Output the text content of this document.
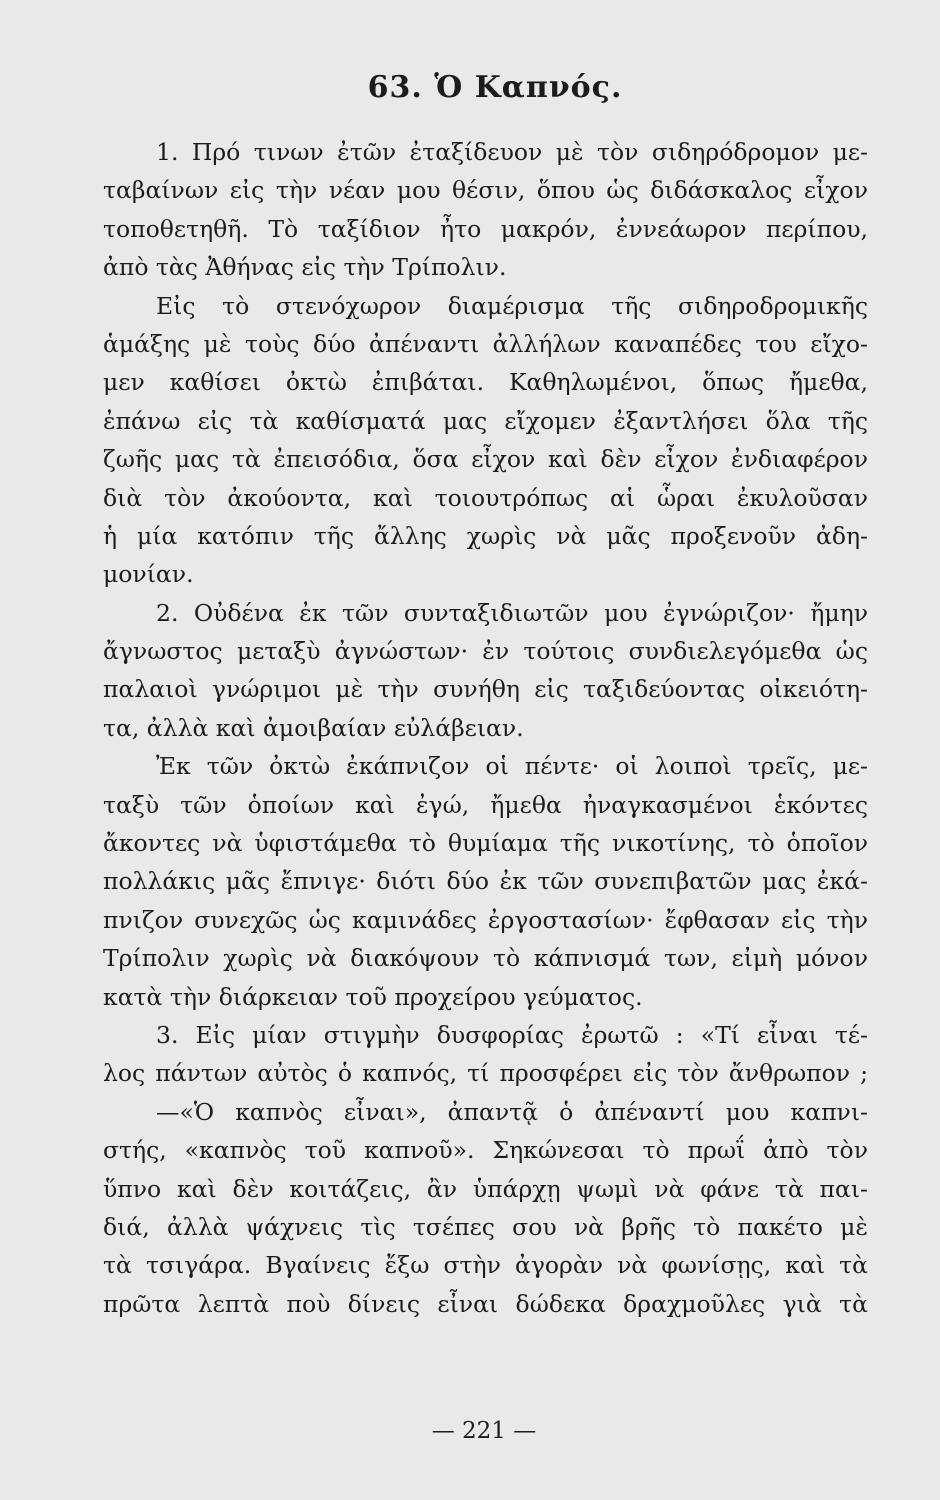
63. Ὁ Καπνός.
1. Πρό τινων ἐτῶν ἐταξίδευον μὲ τὸν σιδηρόδρομον με-
ταβαίνων εἰς τὴν νέαν μου θέσιν, ὅπου ὡς διδάσκαλος εἶχον
τοποθετηθῆ. Τὸ ταξίδιον ἦτο μακρόν, ἐννεάωρον περίπου,
ἀπὸ τὰς Ἀθήνας εἰς τὴν Τρίπολιν.
Εἰς τὸ στενόχωρον διαμέρισμα τῆς σιδηροδρομικῆς
ἁμάξης μὲ τοὺς δύο ἀπέναντι ἀλλήλων καναπέδες του εἴχο-
μεν καθίσει ὀκτὼ ἐπιβάται. Καθηλωμένοι, ὅπως ἤμεθα,
ἐπάνω εἰς τὰ καθίσματά μας εἴχομεν ἐξαντλήσει ὅλα τῆς
ζωῆς μας τὰ ἐπεισόδια, ὅσα εἶχον καὶ δὲν εἶχον ἐνδιαφέρον
διὰ τὸν ἀκούοντα, καὶ τοιουτρόπως αἱ ὧραι ἐκυλοῦσαν
ἡ μία κατόπιν τῆς ἄλλης χωρὶς νὰ μᾶς προξενοῦν ἀδη-
μονίαν.
2. Οὐδένα ἐκ τῶν συνταξιδιωτῶν μου ἐγνώριζον· ἤμην
ἄγνωστος μεταξὺ ἀγνώστων· ἐν τούτοις συνδιελεγόμεθα ὡς
παλαιοὶ γνώριμοι μὲ τὴν συνήθη εἰς ταξιδεύοντας οἰκειότη-
τα, ἀλλὰ καὶ ἀμοιβαίαν εὐλάβειαν.
Ἐκ τῶν ὀκτὼ ἐκάπνιζον οἱ πέντε· οἱ λοιποὶ τρεῖς, με-
ταξὺ τῶν ὁποίων καὶ ἐγώ, ἤμεθα ἠναγκασμένοι ἑκόντες
ἄκοντες νὰ ὑφιστάμεθα τὸ θυμίαμα τῆς νικοτίνης, τὸ ὁποῖον
πολλάκις μᾶς ἔπνιγε· διότι δύο ἐκ τῶν συνεπιβατῶν μας ἐκά-
πνιζον συνεχῶς ὡς καμινάδες ἐργοστασίων· ἔφθασαν εἰς τὴν
Τρίπολιν χωρὶς νὰ διακόψουν τὸ κάπνισμά των, εἰμὴ μόνον
κατὰ τὴν διάρκειαν τοῦ προχείρου γεύματος.
3. Εἰς μίαν στιγμὴν δυσφορίας ἐρωτῶ : «Τί εἶναι τέ-
λος πάντων αὐτὸς ὁ καπνός, τί προσφέρει εἰς τὸν ἄνθρωπον ;
—«Ὁ καπνὸς εἶναι», ἀπαντᾷ ὁ ἀπέναντί μου καπνι-
στής, «καπνὸς τοῦ καπνοῦ». Σηκώνεσαι τὸ πρωΐ ἀπὸ τὸν
ὕπνο καὶ δὲν κοιτάζεις, ἂν ὑπάρχῃ ψωμὶ νὰ φάνε τὰ παι-
διά, ἀλλὰ ψάχνεις τὶς τσέπες σου νὰ βρῆς τὸ πακέτο μὲ
τὰ τσιγάρα. Βγαίνεις ἔξω στὴν ἀγορὰν νὰ φωνίσῃς, καὶ τὰ
πρῶτα λεπτὰ ποὺ δίνεις εἶναι δώδεκα δραχμοῦλες γιὰ τὰ
— 221 —
